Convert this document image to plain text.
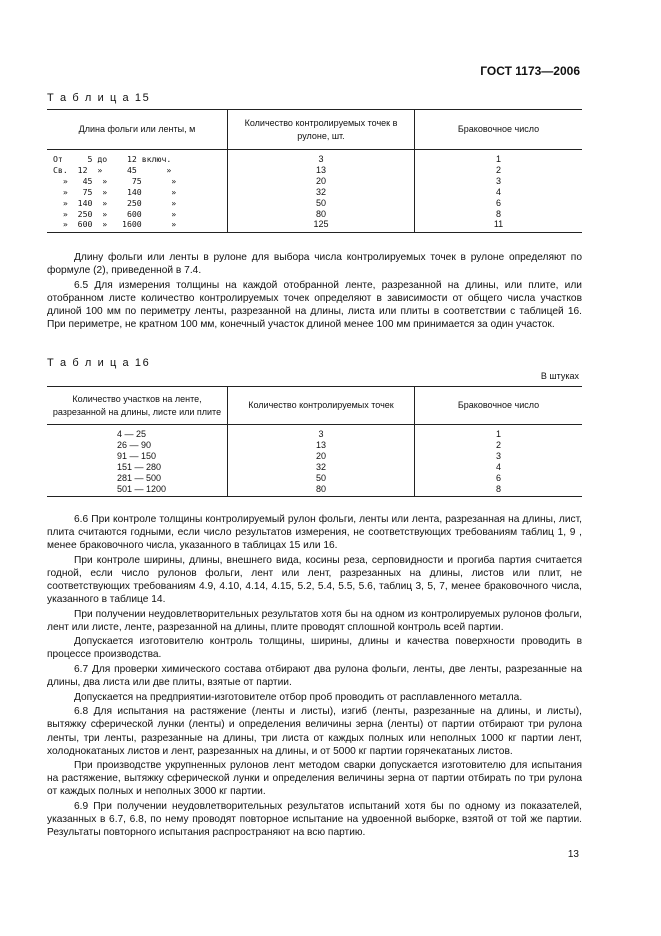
ГОСТ 1173—2006
Т а б л и ц а 15
Длина фольги или ленты, м	Количество контролируемых точек в рулоне, шт.	Браковочное число
От     5 до    12 включ.	3	1
Св.  12  »     45      »	13	2
»   45  »     75      »	20	3
»   75  »    140      »	32	4
»  140  »    250      »	50	6
»  250  »    600      »	80	8
»  600  »   1600      »	125	11

Длину фольги или ленты в рулоне для выбора числа контролируемых точек в рулоне определяют по формуле (2), приведенной в 7.4.

6.5 Для измерения толщины на каждой отобранной ленте, разрезанной на длины, или плите, или отобранном листе количество контролируемых точек определяют в зависимости от общего числа участков длиной 100 мм по периметру ленты, разрезанной на длины, листа или плиты в соответствии с таблицей 16. При периметре, не кратном 100 мм, конечный участок длиной менее 100 мм принимается за один участок.

Т а б л и ц а 16
В штуках
Количество участков на ленте, разрезанной на длины, листе или плите	Количество контролируемых точек	Браковочное число
4 — 25	3	1
26 — 90	13	2
91 — 150	20	3
151 — 280	32	4
281 — 500	50	6
501 — 1200	80	8

6.6 При контроле толщины контролируемый рулон фольги, ленты или лента, разрезанная на длины, лист, плита считаются годными, если число результатов измерения, не соответствующих требованиям таблиц 1, 9 , менее браковочного числа, указанного в таблицах 15 или 16.

При контроле ширины, длины, внешнего вида, косины реза, серповидности и прогиба партия считается годной, если число рулонов фольги, лент или лент, разрезанных на длины, листов или плит, не соответствующих требованиям 4.9, 4.10, 4.14, 4.15, 5.2, 5.4, 5.5, 5.6, таблиц 3, 5, 7, менее браковочного числа, указанного в таблице 14.

При получении неудовлетворительных результатов хотя бы на одном из контролируемых рулонов фольги, лент или листе, ленте, разрезанной на длины, плите проводят сплошной контроль всей партии.

Допускается изготовителю контроль толщины, ширины, длины и качества поверхности проводить в процессе производства.

6.7 Для проверки химического состава отбирают два рулона фольги, ленты, две ленты, разрезанные на длины, два листа или две плиты, взятые от партии.

Допускается на предприятии-изготовителе отбор проб проводить от расплавленного металла.

6.8 Для испытания на растяжение (ленты и листы), изгиб (ленты, разрезанные на длины, и листы), вытяжку сферической лунки (ленты) и определения величины зерна (ленты) от партии отбирают три рулона ленты, три ленты, разрезанные на длины, три листа от каждых полных или неполных 1000 кг партии лент, холоднокатаных листов и лент, разрезанных на длины, и от 5000 кг партии горячекатаных листов.

При производстве укрупненных рулонов лент методом сварки допускается изготовителю для испытания на растяжение, вытяжку сферической лунки и определения величины зерна от партии отбирать по три рулона от каждых полных и неполных 3000 кг партии.

6.9 При получении неудовлетворительных результатов испытаний хотя бы по одному из показателей, указанных в 6.7, 6.8, по нему проводят повторное испытание на удвоенной выборке, взятой от той же партии. Результаты повторного испытания распространяют на всю партию.

13
